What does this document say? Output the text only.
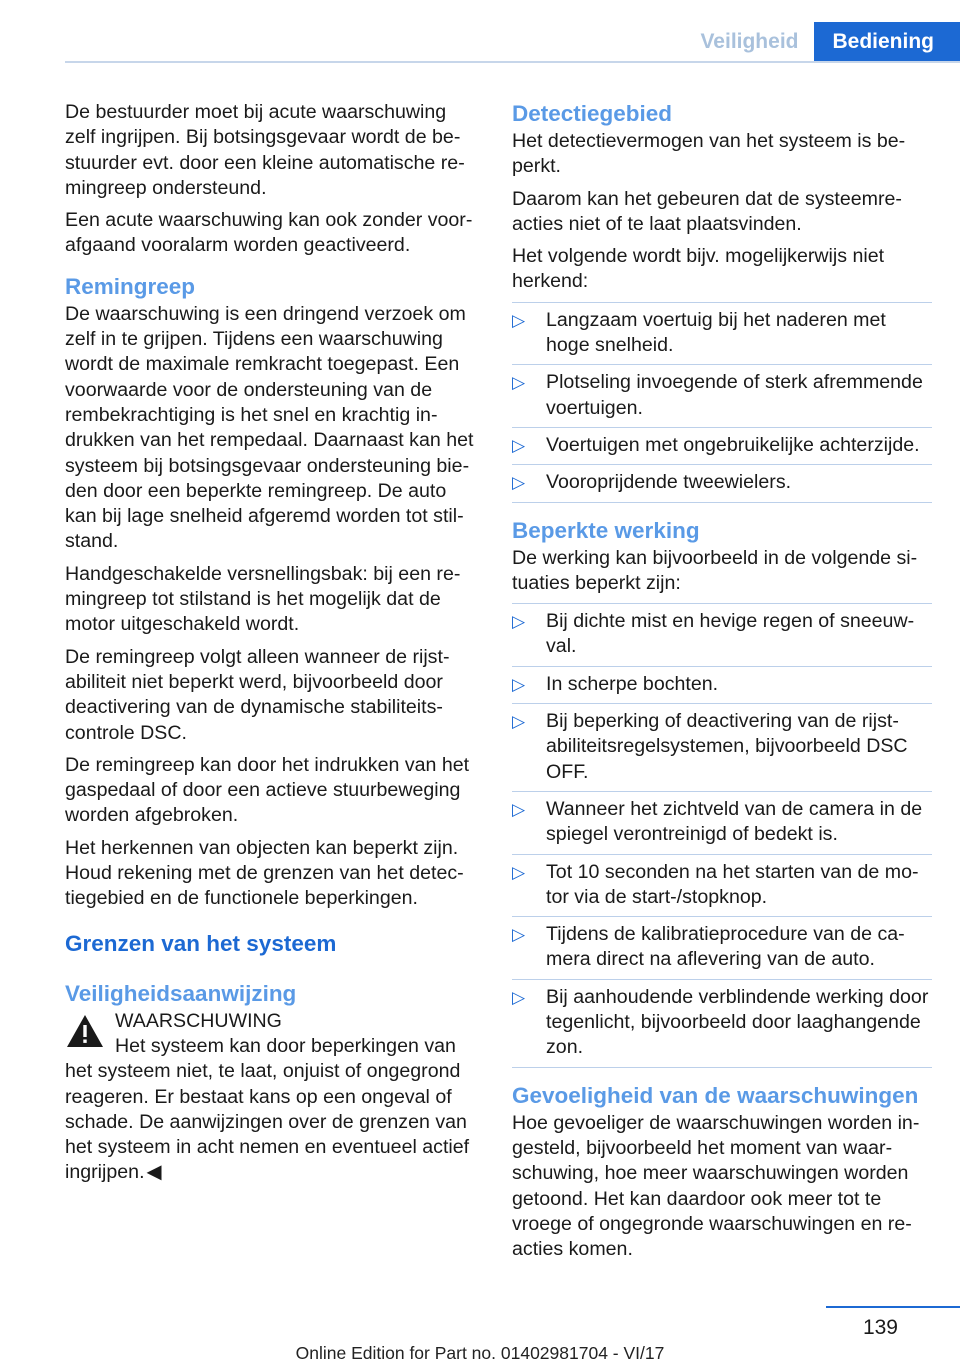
Veiligheid	Bediening

De bestuurder moet bij acute waarschuwing zelf ingrijpen. Bij botsingsgevaar wordt de bestuurder evt. door een kleine automatische remingreep ondersteund.

Een acute waarschuwing kan ook zonder voorafgaand vooralarm worden geactiveerd.

Remingreep

De waarschuwing is een dringend verzoek om zelf in te grijpen. Tijdens een waarschuwing wordt de maximale remkracht toegepast. Een voorwaarde voor de ondersteuning van de rembekrachtiging is het snel en krachtig indrukken van het rempedaal. Daarnaast kan het systeem bij botsingsgevaar ondersteuning bieden door een beperkte remingreep. De auto kan bij lage snelheid afgeremd worden tot stilstand.

Handgeschakelde versnellingsbak: bij een remingreep tot stilstand is het mogelijk dat de motor uitgeschakeld wordt.

De remingreep volgt alleen wanneer de rijstabiliteit niet beperkt werd, bijvoorbeeld door deactivering van de dynamische stabiliteitscontrole DSC.

De remingreep kan door het indrukken van het gaspedaal of door een actieve stuurbeweging worden afgebroken.

Het herkennen van objecten kan beperkt zijn. Houd rekening met de grenzen van het detectiegebied en de functionele beperkingen.

Grenzen van het systeem
Veiligheidsaanwijzing
WAARSCHUWING
Het systeem kan door beperkingen van het systeem niet, te laat, onjuist of ongegrond reageren. Er bestaat kans op een ongeval of schade. De aanwijzingen over de grenzen van het systeem in acht nemen en eventueel actief ingrijpen. ◀
Detectiegebied

Het detectievermogen van het systeem is beperkt.

Daarom kan het gebeuren dat de systeemreacties niet of te laat plaatsvinden.

Het volgende wordt bijv. mogelijkerwijs niet herkend:

▷ Langzaam voertuig bij het naderen met hoge snelheid.
▷ Plotseling invoegende of sterk afremmende voertuigen.
▷ Voertuigen met ongebruikelijke achterzijde.
▷ Vooroprijdende tweewielers.
Beperkte werking

De werking kan bijvoorbeeld in de volgende situaties beperkt zijn:

▷ Bij dichte mist en hevige regen of sneeuwval.
▷ In scherpe bochten.
▷ Bij beperking of deactivering van de rijstabiliteitsregelsystemen, bijvoorbeeld DSC OFF.
▷ Wanneer het zichtveld van de camera in de spiegel verontreinigd of bedekt is.
▷ Tot 10 seconden na het starten van de motor via de start-/stopknop.
▷ Tijdens de kalibratieprocedure van de camera direct na aflevering van de auto.
▷ Bij aanhoudende verblindende werking door tegenlicht, bijvoorbeeld door laaghangende zon.
Gevoeligheid van de waarschuwingen

Hoe gevoeliger de waarschuwingen worden ingesteld, bijvoorbeeld het moment van waarschuwing, hoe meer waarschuwingen worden getoond. Het kan daardoor ook meer tot te vroege of ongegronde waarschuwingen en reacties komen.

139
Online Edition for Part no. 01402981704 - VI/17
